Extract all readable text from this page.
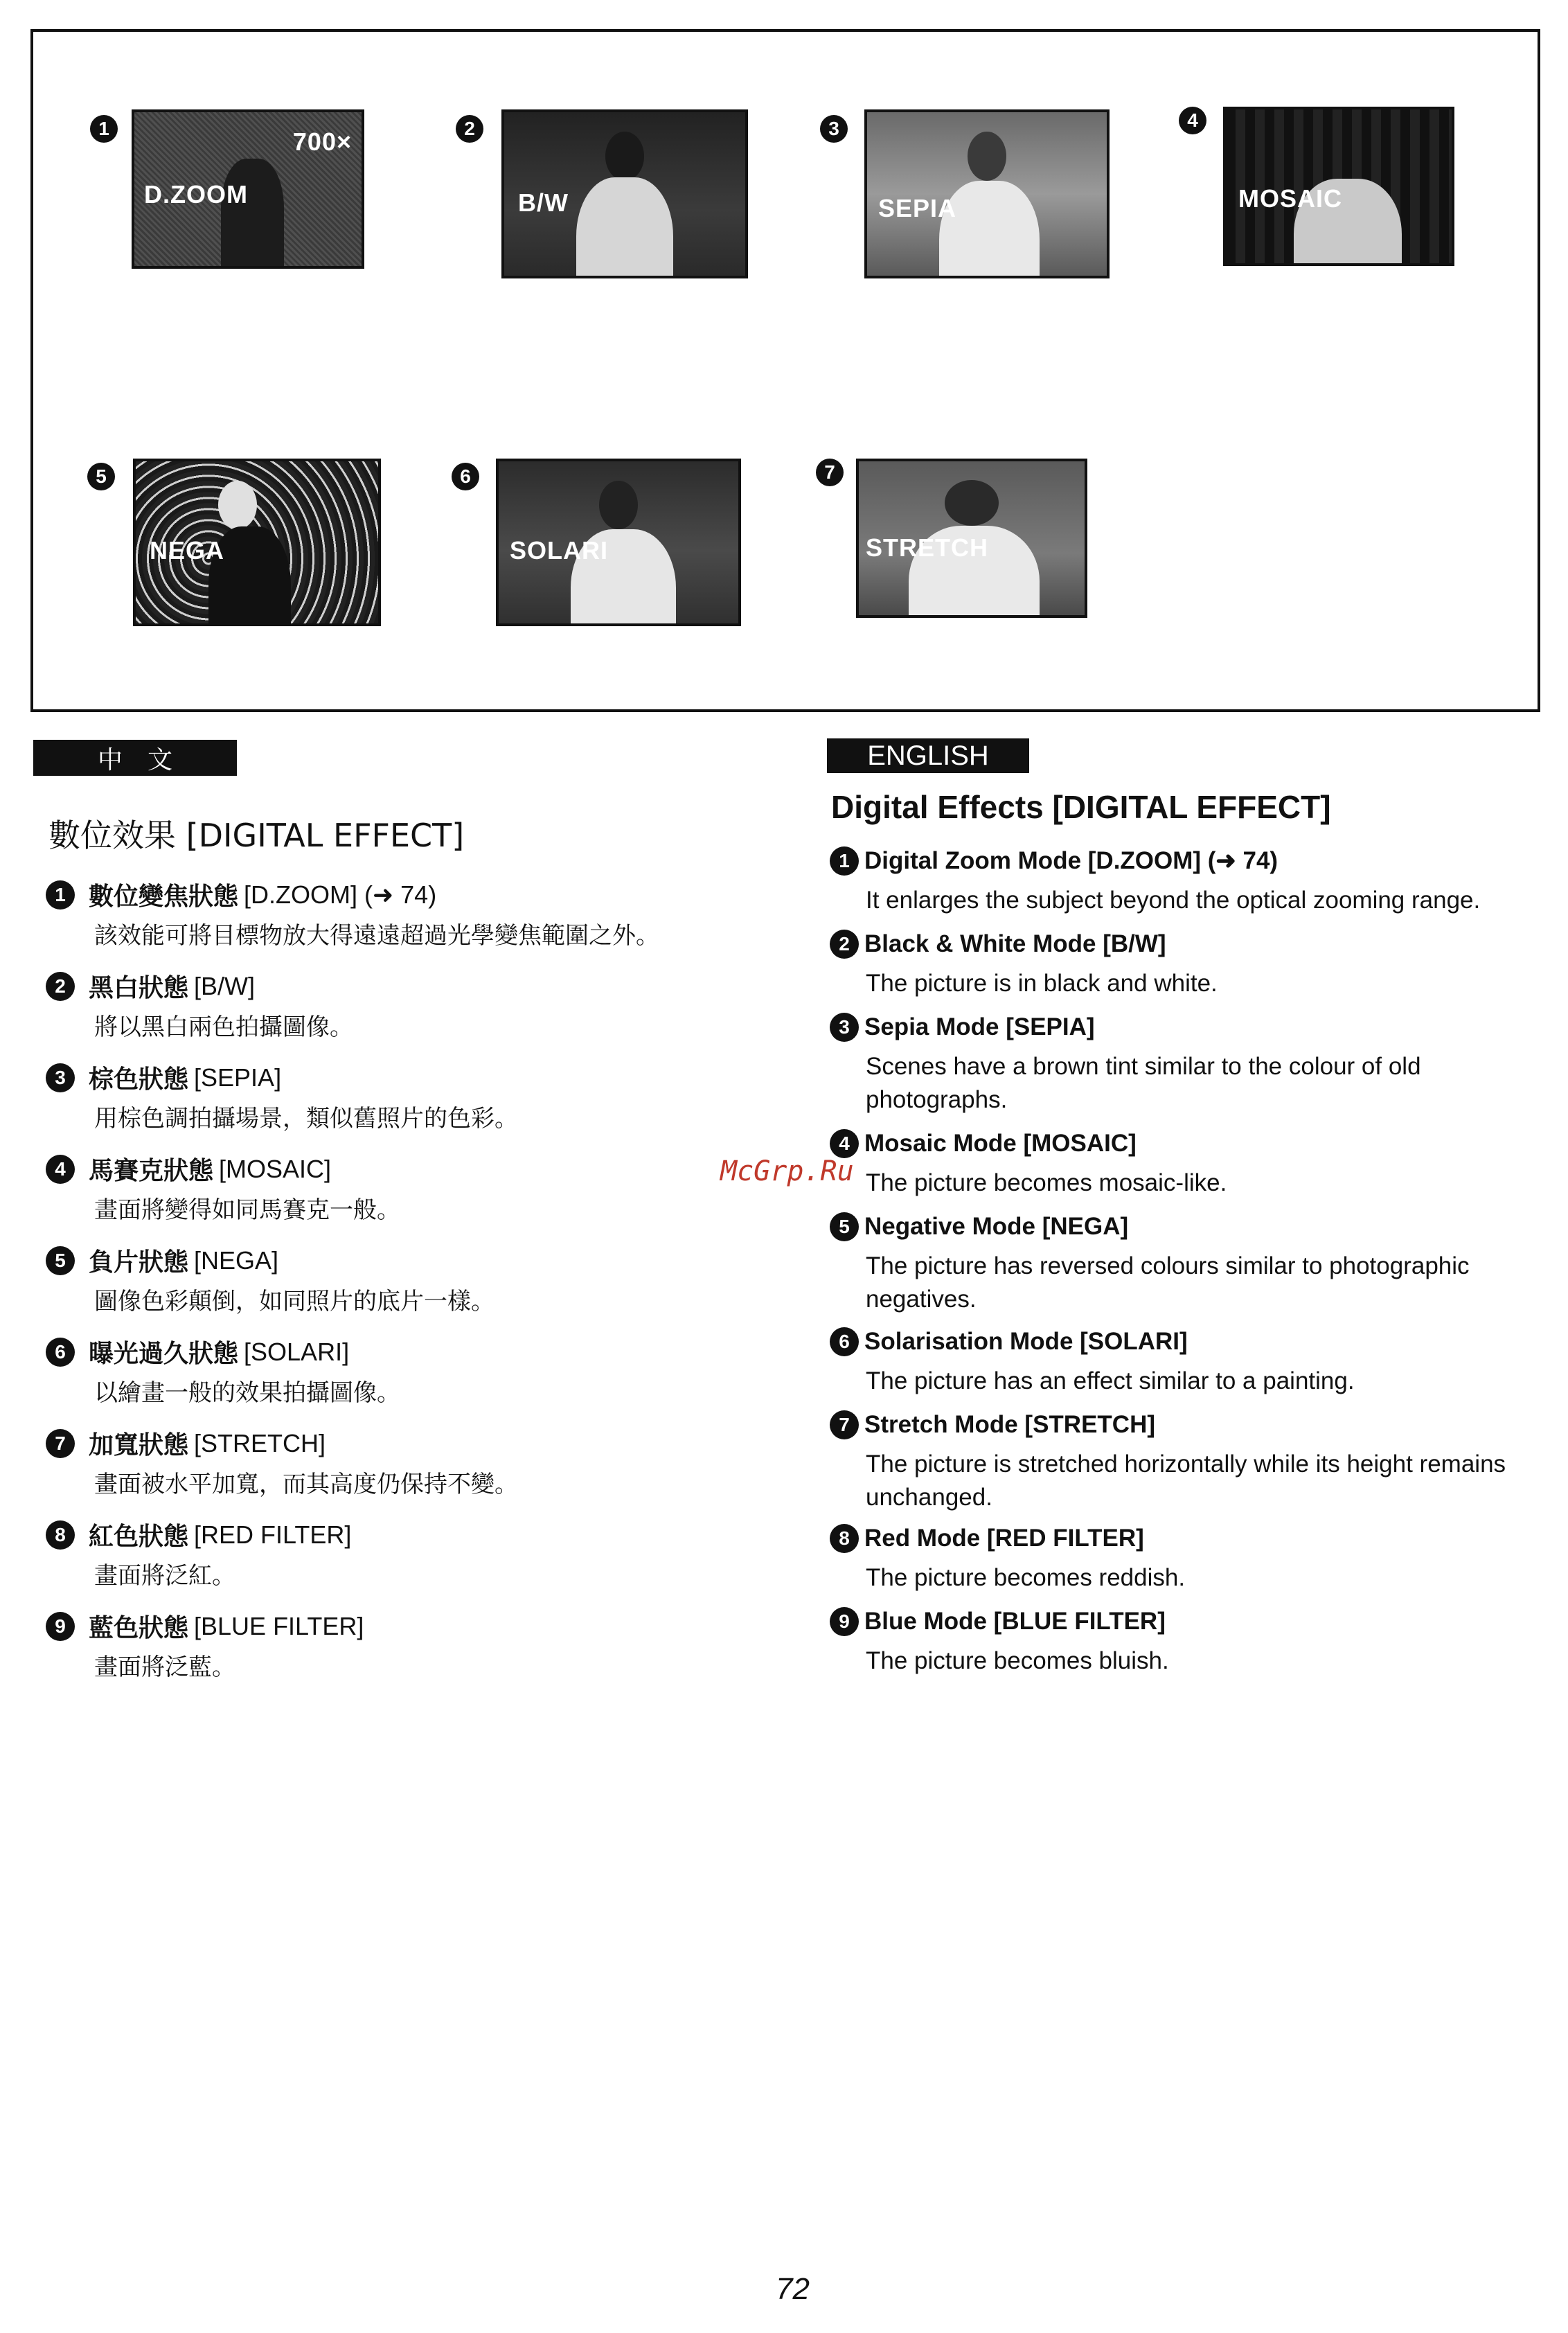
1
D.ZOOM
700×	2
B/W
3
SEPIA
4
MOSAIC
5
NEGA
6
SOLARI
7
STRETCH
中　文
數位效果 [DIGITAL EFFECT]
1 數位變焦狀態 [D.ZOOM] (➜ 74)
該效能可將目標物放大得遠遠超過光學變焦範圍之外。
2 黑白狀態 [B/W]
將以黑白兩色拍攝圖像。
3 棕色狀態 [SEPIA]
用棕色調拍攝場景，類似舊照片的色彩。
4 馬賽克狀態 [MOSAIC]
畫面將變得如同馬賽克一般。
5 負片狀態 [NEGA]
圖像色彩顛倒，如同照片的底片一樣。
6 曝光過久狀態 [SOLARI]
以繪畫一般的效果拍攝圖像。
7 加寬狀態 [STRETCH]
畫面被水平加寬，而其高度仍保持不變。
8 紅色狀態 [RED FILTER]
畫面將泛紅。
9 藍色狀態 [BLUE FILTER]
畫面將泛藍。
ENGLISH
Digital Effects [DIGITAL EFFECT]
1 Digital Zoom Mode [D.ZOOM] (➜ 74)
It enlarges the subject beyond the optical zooming range.
2 Black & White Mode [B/W]
The picture is in black and white.
3 Sepia Mode [SEPIA]
Scenes have a brown tint similar to the colour of old photographs.
4 Mosaic Mode [MOSAIC]
The picture becomes mosaic-like.
5 Negative Mode [NEGA]
The picture has reversed colours similar to photographic negatives.
6 Solarisation Mode [SOLARI]
The picture has an effect similar to a painting.
7 Stretch Mode [STRETCH]
The picture is stretched horizontally while its height remains unchanged.
8 Red Mode [RED FILTER]
The picture becomes reddish.
9 Blue Mode [BLUE FILTER]
The picture becomes bluish.
McGrp.Ru
72
